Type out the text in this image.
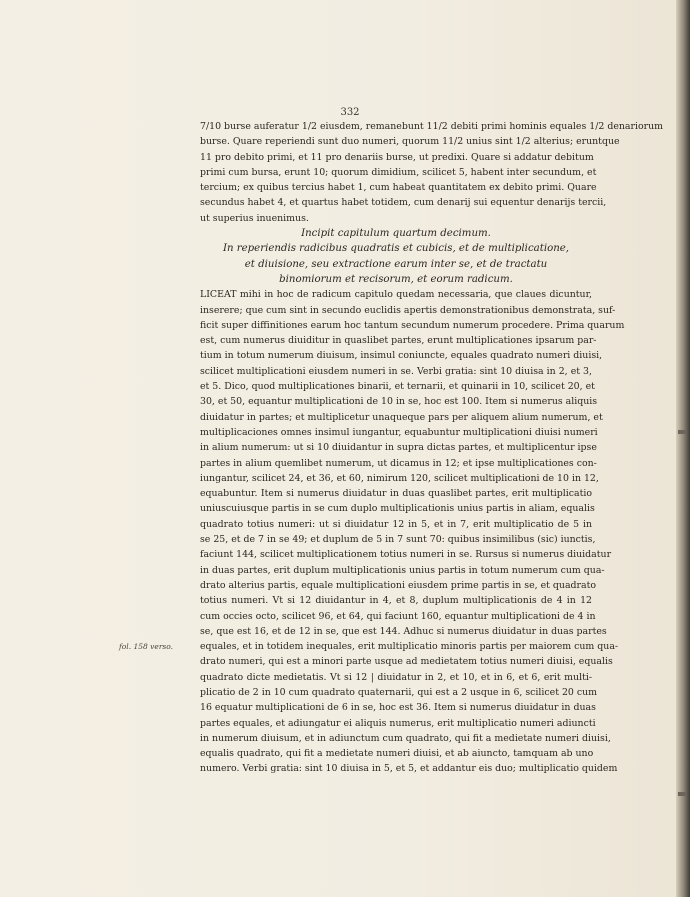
332
7/10 burse auferatur 1/2 eiusdem, remanebunt 11/2 debiti primi hominis equales 1/2 denariorum
burse. Quare reperiendi sunt duo numeri, quorum 11/2 unius sint 1/2 alterius; eruntque
11 pro debito primi, et 11 pro denariis burse, ut predixi. Quare si addatur debitum
primi cum bursa, erunt 10; quorum dimidium, scilicet 5, habent inter secundum, et
tercium; ex quibus tercius habet 1, cum habeat quantitatem ex debito primi. Quare
secundus habet 4, et quartus habet totidem, cum denarij sui equentur denarijs tercii,
ut superius inuenimus.
Incipit capitulum quartum decimum.
In reperiendis radicibus quadratis et cubicis, et de multiplicatione,
et diuisione, seu extractione earum inter se, et de tractatu
binomiorum et recisorum, et eorum radicum.
LICEAT mihi in hoc de radicum capitulo quedam necessaria, que claues dicuntur,
inserere; que cum sint in secundo euclidis apertis demonstrationibus demonstrata, suf-
ficit super diffinitiones earum hoc tantum secundum numerum procedere. Prima quarum
est, cum numerus diuiditur in quaslibet partes, erunt multiplicationes ipsarum par-
tium in totum numerum diuisum, insimul coniuncte, equales quadrato numeri diuisi,
scilicet multiplicationi eiusdem numeri in se. Verbi gratia: sint 10 diuisa in 2, et 3,
et 5. Dico, quod multiplicationes binarii, et ternarii, et quinarii in 10, scilicet 20, et
30, et 50, equantur multiplicationi de 10 in se, hoc est 100. Item si numerus aliquis
diuidatur in partes; et multiplicetur unaqueque pars per aliquem alium numerum, et
multiplicaciones omnes insimul iungantur, equabuntur multiplicationi diuisi numeri
in alium numerum: ut si 10 diuidantur in supra dictas partes, et multiplicentur ipse
partes in alium quemlibet numerum, ut dicamus in 12; et ipse multiplicationes con-
iungantur, scilicet 24, et 36, et 60, nimirum 120, scilicet multiplicationi de 10 in 12,
equabuntur. Item si numerus diuidatur in duas quaslibet partes, erit multiplicatio
uniuscuiusque partis in se cum duplo multiplicationis unius partis in aliam, equalis
quadrato totius numeri: ut si diuidatur 12 in 5, et in 7, erit multiplicatio de 5 in
se 25, et de 7 in se 49; et duplum de 5 in 7 sunt 70: quibus insimilibus (sic) iunctis,
faciunt 144, scilicet multiplicationem totius numeri in se. Rursus si numerus diuidatur
in duas partes, erit duplum multiplicationis unius partis in totum numerum cum qua-
drato alterius partis, equale multiplicationi eiusdem prime partis in se, et quadrato
totius numeri. Vt si 12 diuidantur in 4, et 8, duplum multiplicationis de 4 in 12
cum occies octo, scilicet 96, et 64, qui faciunt 160, equantur multiplicationi de 4 in
se, que est 16, et de 12 in se, que est 144. Adhuc si numerus diuidatur in duas partes
equales, et in totidem inequales, erit multiplicatio minoris partis per maiorem cum qua-
drato numeri, qui est a minori parte usque ad medietatem totius numeri diuisi, equalis
quadrato dicte medietatis. Vt si 12 | diuidatur in 2, et 10, et in 6, et 6, erit multi-
plicatio de 2 in 10 cum quadrato quaternarii, qui est a 2 usque in 6, scilicet 20 cum
16 equatur multiplicationi de 6 in se, hoc est 36. Item si numerus diuidatur in duas
partes equales, et adiungatur ei aliquis numerus, erit multiplicatio numeri adiuncti
in numerum diuisum, et in adiunctum cum quadrato, qui fit a medietate numeri diuisi,
equalis quadrato, qui fit a medietate numeri diuisi, et ab aiuncto, tamquam ab uno
numero. Verbi gratia: sint 10 diuisa in 5, et 5, et addantur eis duo; multiplicatio quidem
fol. 158 verso.
